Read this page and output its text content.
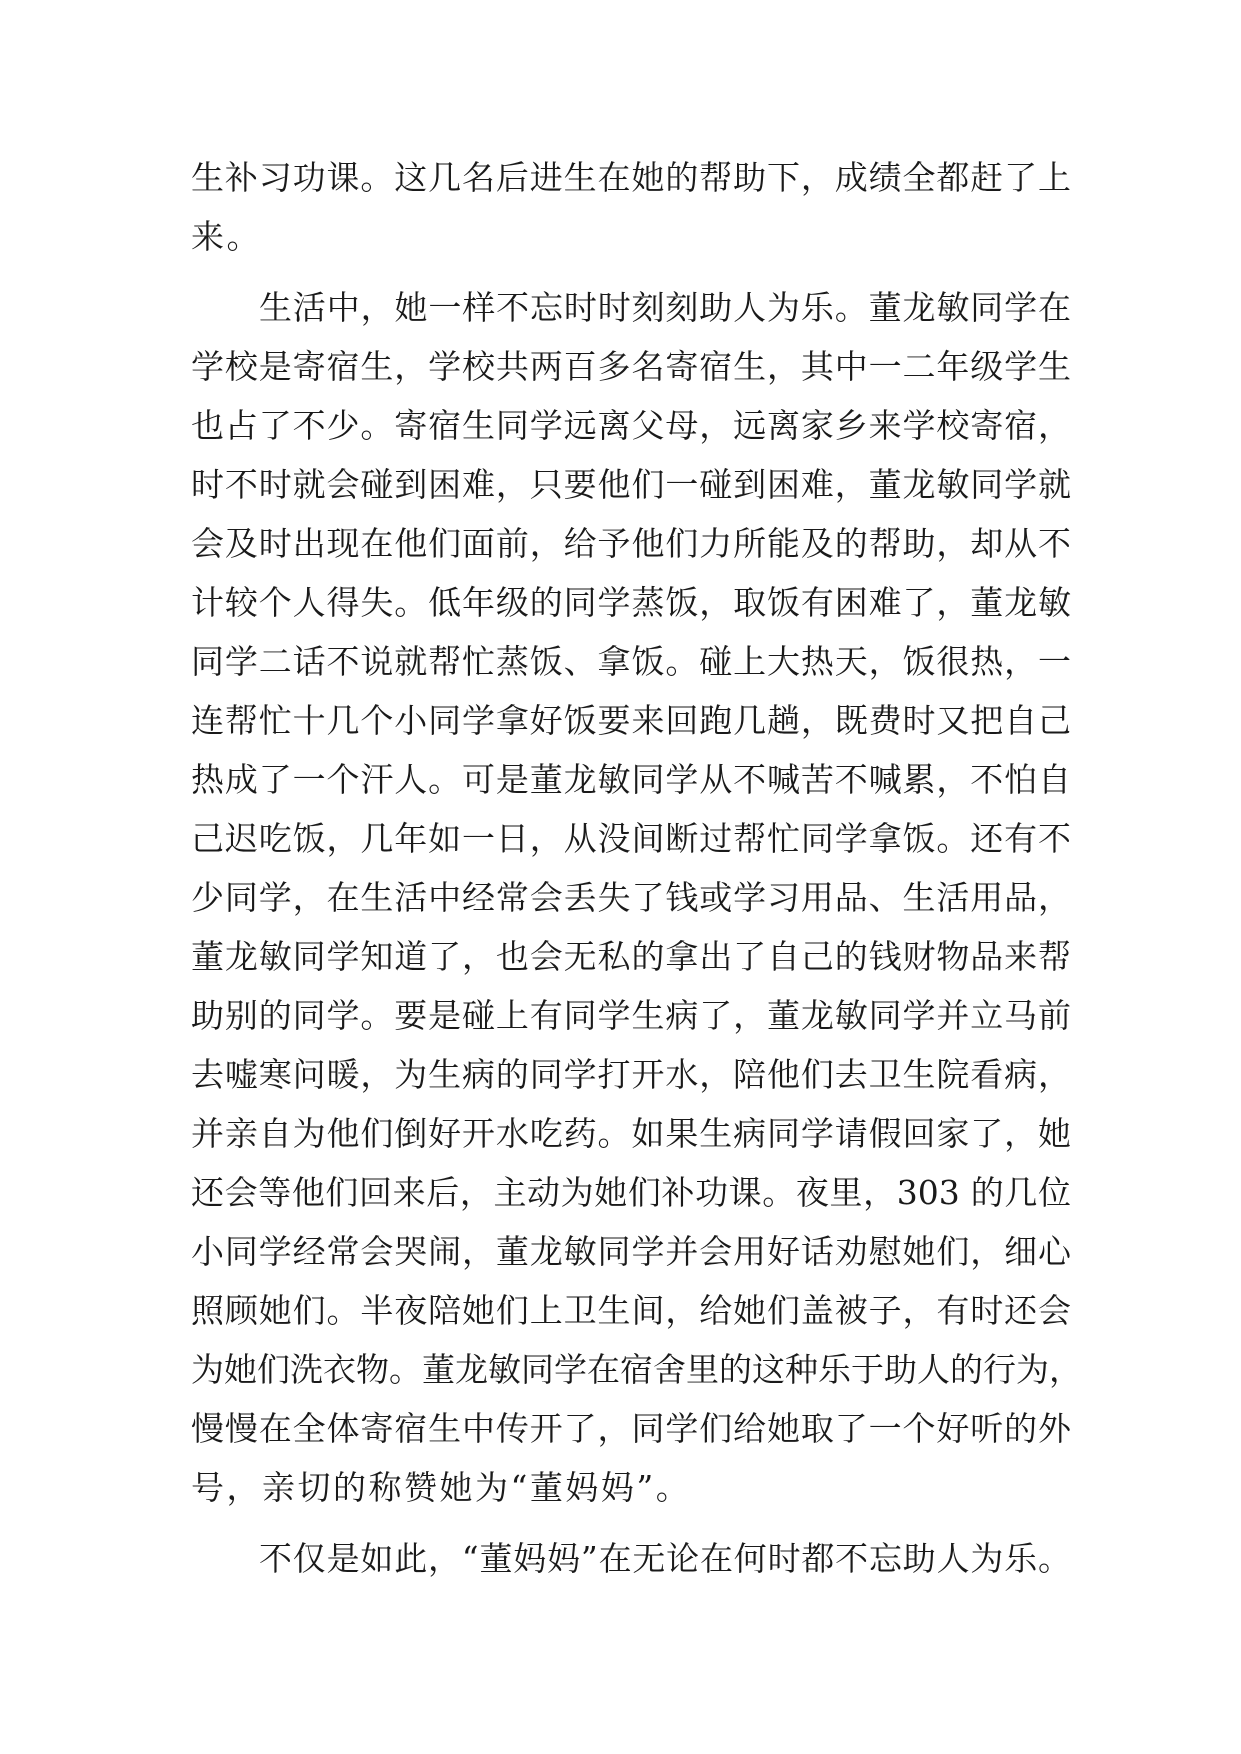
生补习功课。这几名后进生在她的帮助下，成绩全都赶了上
来。
生活中，她一样不忘时时刻刻助人为乐。董龙敏同学在
学校是寄宿生，学校共两百多名寄宿生，其中一二年级学生
也占了不少。寄宿生同学远离父母，远离家乡来学校寄宿，
时不时就会碰到困难，只要他们一碰到困难，董龙敏同学就
会及时出现在他们面前，给予他们力所能及的帮助，却从不
计较个人得失。低年级的同学蒸饭，取饭有困难了，董龙敏
同学二话不说就帮忙蒸饭、拿饭。碰上大热天，饭很热，一
连帮忙十几个小同学拿好饭要来回跑几趟，既费时又把自己
热成了一个汗人。可是董龙敏同学从不喊苦不喊累，不怕自
己迟吃饭，几年如一日，从没间断过帮忙同学拿饭。还有不
少同学，在生活中经常会丢失了钱或学习用品、生活用品，
董龙敏同学知道了，也会无私的拿出了自己的钱财物品来帮
助别的同学。要是碰上有同学生病了，董龙敏同学并立马前
去嘘寒问暖，为生病的同学打开水，陪他们去卫生院看病，
并亲自为他们倒好开水吃药。如果生病同学请假回家了，她
还会等他们回来后，主动为她们补功课。夜里，303 的几位
小同学经常会哭闹，董龙敏同学并会用好话劝慰她们，细心
照顾她们。半夜陪她们上卫生间，给她们盖被子，有时还会
为她们洗衣物。董龙敏同学在宿舍里的这种乐于助人的行为，
慢慢在全体寄宿生中传开了，同学们给她取了一个好听的外
号，亲切的称赞她为“董妈妈”。
不仅是如此，“董妈妈”在无论在何时都不忘助人为乐。
